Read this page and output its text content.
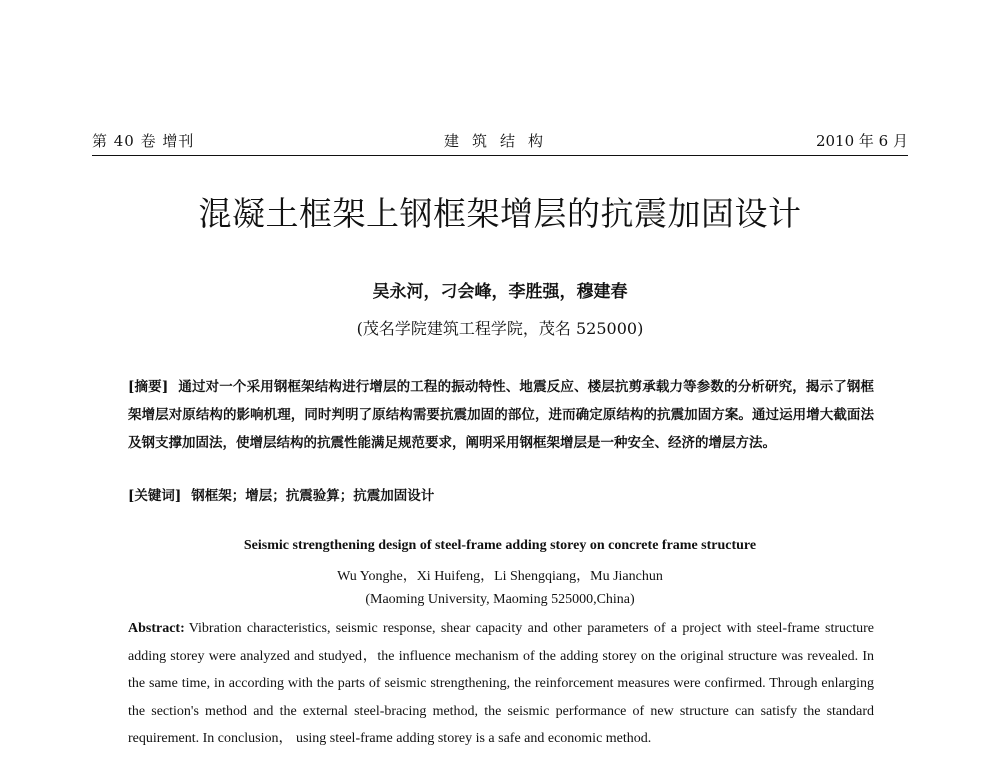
第 40 卷 增刊	建筑结构	2010 年 6 月
混凝土框架上钢框架增层的抗震加固设计
吴永河，刁会峰，李胜强，穆建春
(茂名学院建筑工程学院，茂名 525000)
[摘要] 通过对一个采用钢框架结构进行增层的工程的振动特性、地震反应、楼层抗剪承载力等参数的分析研究，揭示了钢框架增层对原结构的影响机理，同时判明了原结构需要抗震加固的部位，进而确定原结构的抗震加固方案。通过运用增大截面法及钢支撑加固法，使增层结构的抗震性能满足规范要求，阐明采用钢框架增层是一种安全、经济的增层方法。
[关键词] 钢框架；增层；抗震验算；抗震加固设计
Seismic strengthening design of steel-frame adding storey on concrete frame structure
Wu Yonghe，Xi Huifeng，Li Shengqiang，Mu Jianchun
(Maoming University, Maoming 525000,China)
Abstract: Vibration characteristics, seismic response, shear capacity and other parameters of a project with steel-frame structure adding storey were analyzed and studyed，the influence mechanism of the adding storey on the original structure was revealed. In the same time, in according with the parts of seismic strengthening, the reinforcement measures were confirmed. Through enlarging the section's method and the external steel-bracing method, the seismic performance of new structure can satisfy the standard requirement. In conclusion， using steel-frame adding storey is a safe and economic method.
